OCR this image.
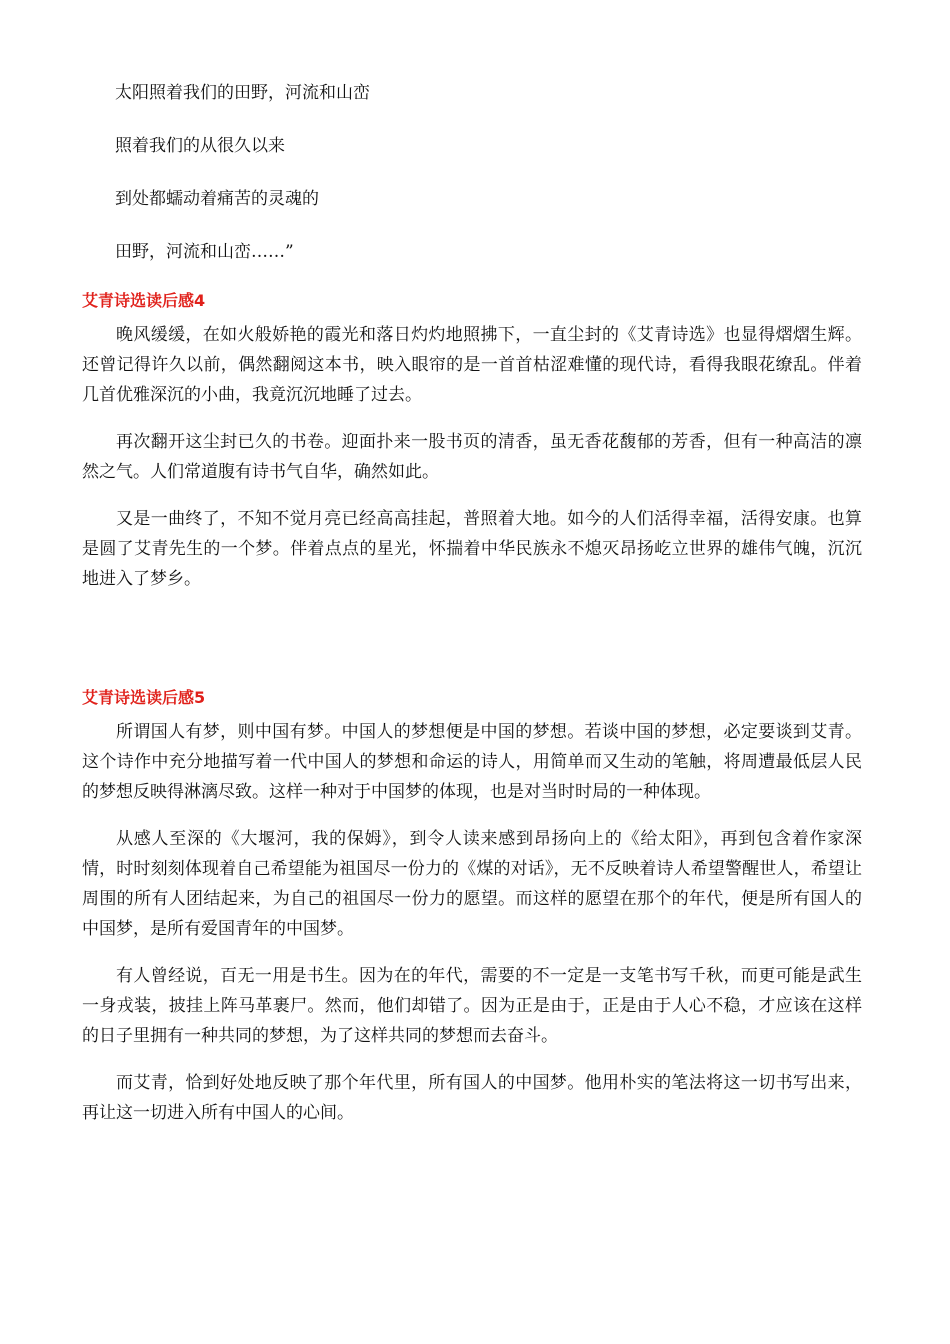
太阳照着我们的田野，河流和山峦

照着我们的从很久以来

到处都蠕动着痛苦的灵魂的

田野，河流和山峦……”

艾青诗选读后感4

晚风缓缓，在如火般娇艳的霞光和落日灼灼地照拂下，一直尘封的《艾青诗选》也显得熠熠生辉。还曾记得许久以前，偶然翻阅这本书，映入眼帘的是一首首枯涩难懂的现代诗，看得我眼花缭乱。伴着几首优雅深沉的小曲，我竟沉沉地睡了过去。

再次翻开这尘封已久的书卷。迎面扑来一股书页的清香，虽无香花馥郁的芳香，但有一种高洁的凛然之气。人们常道腹有诗书气自华，确然如此。

又是一曲终了，不知不觉月亮已经高高挂起，普照着大地。如今的人们活得幸福，活得安康。也算是圆了艾青先生的一个梦。伴着点点的星光，怀揣着中华民族永不熄灭昂扬屹立世界的雄伟气魄，沉沉地进入了梦乡。

艾青诗选读后感5

所谓国人有梦，则中国有梦。中国人的梦想便是中国的梦想。若谈中国的梦想，必定要谈到艾青。这个诗作中充分地描写着一代中国人的梦想和命运的诗人，用简单而又生动的笔触，将周遭最低层人民的梦想反映得淋漓尽致。这样一种对于中国梦的体现，也是对当时时局的一种体现。

从感人至深的《大堰河，我的保姆》，到令人读来感到昂扬向上的《给太阳》，再到包含着作家深情，时时刻刻体现着自己希望能为祖国尽一份力的《煤的对话》，无不反映着诗人希望警醒世人，希望让周围的所有人团结起来，为自己的祖国尽一份力的愿望。而这样的愿望在那个的年代，便是所有国人的中国梦，是所有爱国青年的中国梦。

有人曾经说，百无一用是书生。因为在的年代，需要的不一定是一支笔书写千秋，而更可能是武生一身戎装，披挂上阵马革裹尸。然而，他们却错了。因为正是由于，正是由于人心不稳，才应该在这样的日子里拥有一种共同的梦想，为了这样共同的梦想而去奋斗。

而艾青，恰到好处地反映了那个年代里，所有国人的中国梦。他用朴实的笔法将这一切书写出来，再让这一切进入所有中国人的心间。
